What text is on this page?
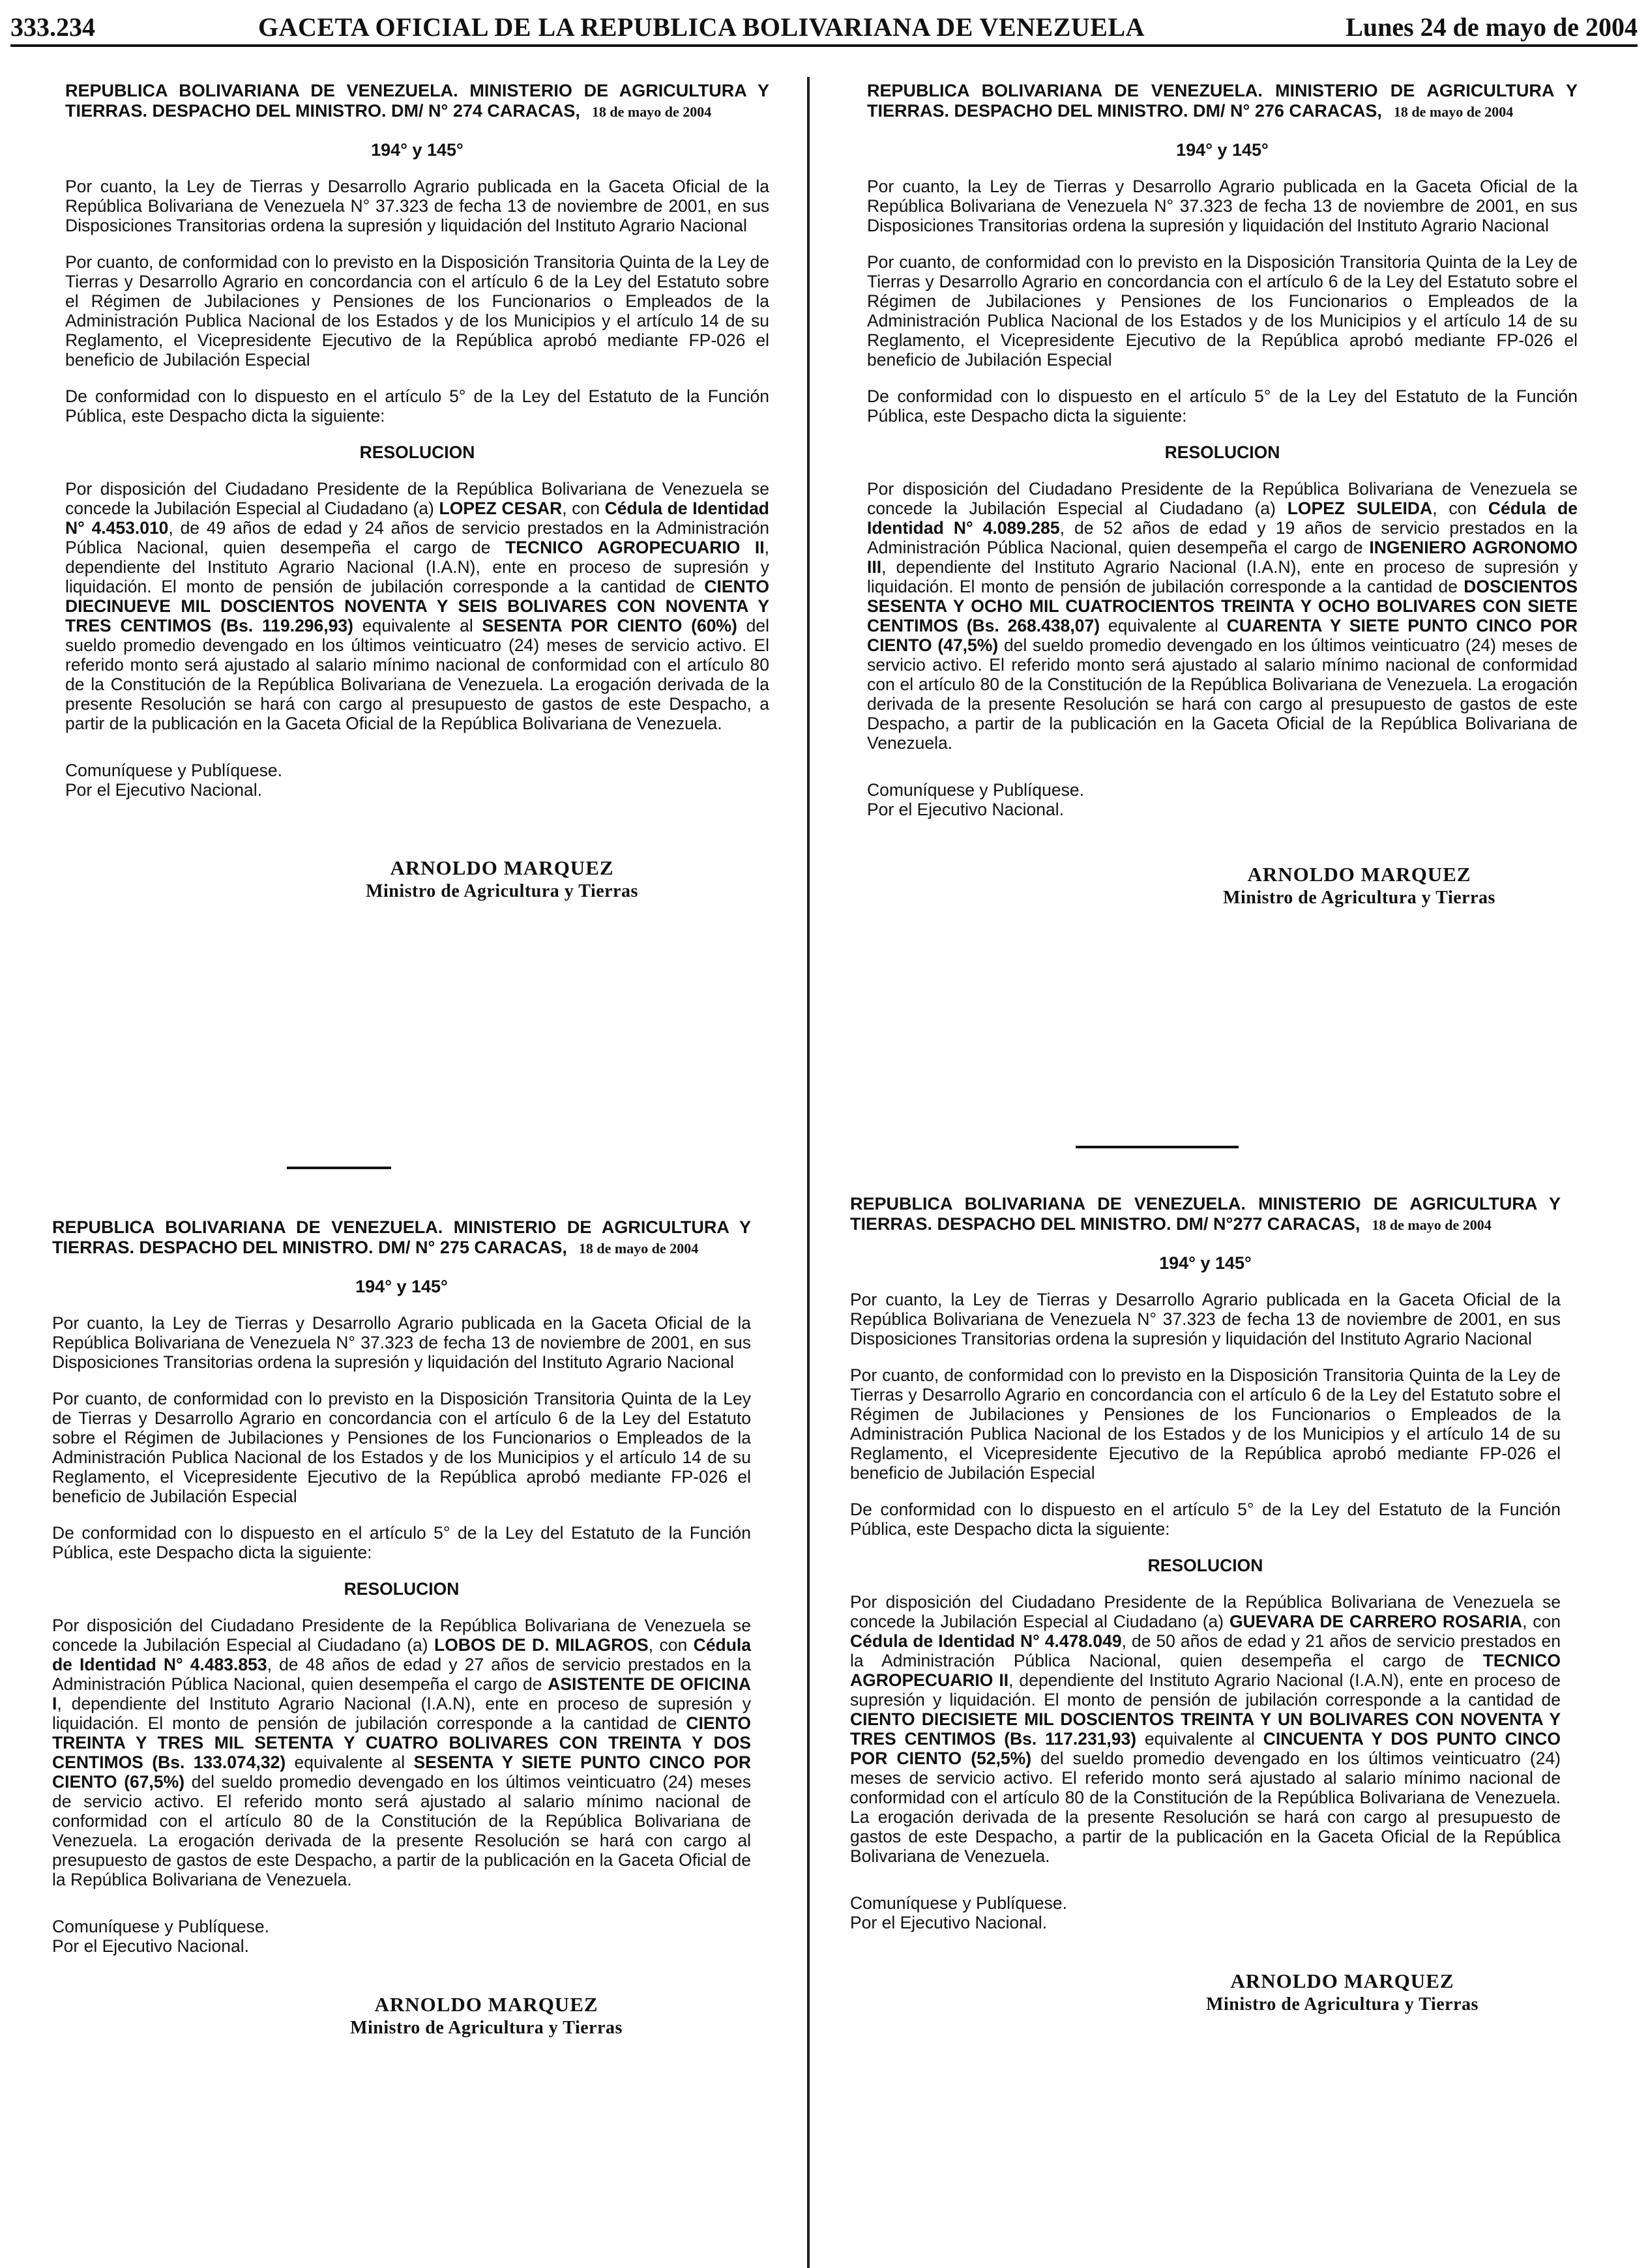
333.234	GACETA OFICIAL DE LA REPUBLICA BOLIVARIANA DE VENEZUELA	Lunes 24 de mayo de 2004
REPUBLICA BOLIVARIANA DE VENEZUELA. MINISTERIO DE AGRICULTURA Y TIERRAS. DESPACHO DEL MINISTRO. DM/ N° 274 CARACAS, 18 de mayo de 2004
194° y 145°

Por cuanto, la Ley de Tierras y Desarrollo Agrario publicada en la Gaceta Oficial de la República Bolivariana de Venezuela N° 37.323 de fecha 13 de noviembre de 2001, en sus Disposiciones Transitorias ordena la supresión y liquidación del Instituto Agrario Nacional

Por cuanto, de conformidad con lo previsto en la Disposición Transitoria Quinta de la Ley de Tierras y Desarrollo Agrario en concordancia con el artículo 6 de la Ley del Estatuto sobre el Régimen de Jubilaciones y Pensiones de los Funcionarios o Empleados de la Administración Publica Nacional de los Estados y de los Municipios y el artículo 14 de su Reglamento, el Vicepresidente Ejecutivo de la República aprobó mediante FP-026 el beneficio de Jubilación Especial

De conformidad con lo dispuesto en el artículo 5° de la Ley del Estatuto de la Función Pública, este Despacho dicta la siguiente:

RESOLUCION

Por disposición del Ciudadano Presidente de la República Bolivariana de Venezuela se concede la Jubilación Especial al Ciudadano (a) LOPEZ CESAR, con Cédula de Identidad N° 4.453.010, de 49 años de edad y 24 años de servicio prestados en la Administración Pública Nacional, quien desempeña el cargo de TECNICO AGROPECUARIO II, dependiente del Instituto Agrario Nacional (I.A.N), ente en proceso de supresión y liquidación. El monto de pensión de jubilación corresponde a la cantidad de CIENTO DIECINUEVE MIL DOSCIENTOS NOVENTA Y SEIS BOLIVARES CON NOVENTA Y TRES CENTIMOS (Bs. 119.296,93) equivalente al SESENTA POR CIENTO (60%) del sueldo promedio devengado en los últimos veinticuatro (24) meses de servicio activo. El referido monto será ajustado al salario mínimo nacional de conformidad con el artículo 80 de la Constitución de la República Bolivariana de Venezuela. La erogación derivada de la presente Resolución se hará con cargo al presupuesto de gastos de este Despacho, a partir de la publicación en la Gaceta Oficial de la República Bolivariana de Venezuela.

Comuníquese y Publíquese.
Por el Ejecutivo Nacional.
ARNOLDO MARQUEZ
Ministro de Agricultura y Tierras
REPUBLICA BOLIVARIANA DE VENEZUELA. MINISTERIO DE AGRICULTURA Y TIERRAS. DESPACHO DEL MINISTRO. DM/ N° 275 CARACAS, 18 de mayo de 2004
194° y 145°

Por cuanto, la Ley de Tierras y Desarrollo Agrario publicada en la Gaceta Oficial de la República Bolivariana de Venezuela N° 37.323 de fecha 13 de noviembre de 2001, en sus Disposiciones Transitorias ordena la supresión y liquidación del Instituto Agrario Nacional

Por cuanto, de conformidad con lo previsto en la Disposición Transitoria Quinta de la Ley de Tierras y Desarrollo Agrario en concordancia con el artículo 6 de la Ley del Estatuto sobre el Régimen de Jubilaciones y Pensiones de los Funcionarios o Empleados de la Administración Publica Nacional de los Estados y de los Municipios y el artículo 14 de su Reglamento, el Vicepresidente Ejecutivo de la República aprobó mediante FP-026 el beneficio de Jubilación Especial

De conformidad con lo dispuesto en el artículo 5° de la Ley del Estatuto de la Función Pública, este Despacho dicta la siguiente:

RESOLUCION

Por disposición del Ciudadano Presidente de la República Bolivariana de Venezuela se concede la Jubilación Especial al Ciudadano (a) LOBOS DE D. MILAGROS, con Cédula de Identidad N° 4.483.853, de 48 años de edad y 27 años de servicio prestados en la Administración Pública Nacional, quien desempeña el cargo de ASISTENTE DE OFICINA I, dependiente del Instituto Agrario Nacional (I.A.N), ente en proceso de supresión y liquidación. El monto de pensión de jubilación corresponde a la cantidad de CIENTO TREINTA Y TRES MIL SETENTA Y CUATRO BOLIVARES CON TREINTA Y DOS CENTIMOS (Bs. 133.074,32) equivalente al SESENTA Y SIETE PUNTO CINCO POR CIENTO (67,5%) del sueldo promedio devengado en los últimos veinticuatro (24) meses de servicio activo. El referido monto será ajustado al salario mínimo nacional de conformidad con el artículo 80 de la Constitución de la República Bolivariana de Venezuela. La erogación derivada de la presente Resolución se hará con cargo al presupuesto de gastos de este Despacho, a partir de la publicación en la Gaceta Oficial de la República Bolivariana de Venezuela.

Comuníquese y Publíquese.
Por el Ejecutivo Nacional.
ARNOLDO MARQUEZ
Ministro de Agricultura y Tierras
REPUBLICA BOLIVARIANA DE VENEZUELA. MINISTERIO DE AGRICULTURA Y TIERRAS. DESPACHO DEL MINISTRO. DM/ N° 276 CARACAS, 18 de mayo de 2004
194° y 145°

Por cuanto, la Ley de Tierras y Desarrollo Agrario publicada en la Gaceta Oficial de la República Bolivariana de Venezuela N° 37.323 de fecha 13 de noviembre de 2001, en sus Disposiciones Transitorias ordena la supresión y liquidación del Instituto Agrario Nacional

Por cuanto, de conformidad con lo previsto en la Disposición Transitoria Quinta de la Ley de Tierras y Desarrollo Agrario en concordancia con el artículo 6 de la Ley del Estatuto sobre el Régimen de Jubilaciones y Pensiones de los Funcionarios o Empleados de la Administración Publica Nacional de los Estados y de los Municipios y el artículo 14 de su Reglamento, el Vicepresidente Ejecutivo de la República aprobó mediante FP-026 el beneficio de Jubilación Especial

De conformidad con lo dispuesto en el artículo 5° de la Ley del Estatuto de la Función Pública, este Despacho dicta la siguiente:

RESOLUCION

Por disposición del Ciudadano Presidente de la República Bolivariana de Venezuela se concede la Jubilación Especial al Ciudadano (a) LOPEZ SULEIDA, con Cédula de Identidad N° 4.089.285, de 52 años de edad y 19 años de servicio prestados en la Administración Pública Nacional, quien desempeña el cargo de INGENIERO AGRONOMO III, dependiente del Instituto Agrario Nacional (I.A.N), ente en proceso de supresión y liquidación. El monto de pensión de jubilación corresponde a la cantidad de DOSCIENTOS SESENTA Y OCHO MIL CUATROCIENTOS TREINTA Y OCHO BOLIVARES CON SIETE CENTIMOS (Bs. 268.438,07) equivalente al CUARENTA Y SIETE PUNTO CINCO POR CIENTO (47,5%) del sueldo promedio devengado en los últimos veinticuatro (24) meses de servicio activo. El referido monto será ajustado al salario mínimo nacional de conformidad con el artículo 80 de la Constitución de la República Bolivariana de Venezuela. La erogación derivada de la presente Resolución se hará con cargo al presupuesto de gastos de este Despacho, a partir de la publicación en la Gaceta Oficial de la República Bolivariana de Venezuela.

Comuníquese y Publíquese.
Por el Ejecutivo Nacional.
ARNOLDO MARQUEZ
Ministro de Agricultura y Tierras
REPUBLICA BOLIVARIANA DE VENEZUELA. MINISTERIO DE AGRICULTURA Y TIERRAS. DESPACHO DEL MINISTRO. DM/ N°277 CARACAS, 18 de mayo de 2004
194° y 145°

Por cuanto, la Ley de Tierras y Desarrollo Agrario publicada en la Gaceta Oficial de la República Bolivariana de Venezuela N° 37.323 de fecha 13 de noviembre de 2001, en sus Disposiciones Transitorias ordena la supresión y liquidación del Instituto Agrario Nacional

Por cuanto, de conformidad con lo previsto en la Disposición Transitoria Quinta de la Ley de Tierras y Desarrollo Agrario en concordancia con el artículo 6 de la Ley del Estatuto sobre el Régimen de Jubilaciones y Pensiones de los Funcionarios o Empleados de la Administración Publica Nacional de los Estados y de los Municipios y el artículo 14 de su Reglamento, el Vicepresidente Ejecutivo de la República aprobó mediante FP-026 el beneficio de Jubilación Especial

De conformidad con lo dispuesto en el artículo 5° de la Ley del Estatuto de la Función Pública, este Despacho dicta la siguiente:

RESOLUCION

Por disposición del Ciudadano Presidente de la República Bolivariana de Venezuela se concede la Jubilación Especial al Ciudadano (a) GUEVARA DE CARRERO ROSARIA, con Cédula de Identidad N° 4.478.049, de 50 años de edad y 21 años de servicio prestados en la Administración Pública Nacional, quien desempeña el cargo de TECNICO AGROPECUARIO II, dependiente del Instituto Agrario Nacional (I.A.N), ente en proceso de supresión y liquidación. El monto de pensión de jubilación corresponde a la cantidad de CIENTO DIECISIETE MIL DOSCIENTOS TREINTA Y UN BOLIVARES CON NOVENTA Y TRES CENTIMOS (Bs. 117.231,93) equivalente al CINCUENTA Y DOS PUNTO CINCO POR CIENTO (52,5%) del sueldo promedio devengado en los últimos veinticuatro (24) meses de servicio activo. El referido monto será ajustado al salario mínimo nacional de conformidad con el artículo 80 de la Constitución de la República Bolivariana de Venezuela. La erogación derivada de la presente Resolución se hará con cargo al presupuesto de gastos de este Despacho, a partir de la publicación en la Gaceta Oficial de la República Bolivariana de Venezuela.

Comuníquese y Publíquese.
Por el Ejecutivo Nacional.
ARNOLDO MARQUEZ
Ministro de Agricultura y Tierras
